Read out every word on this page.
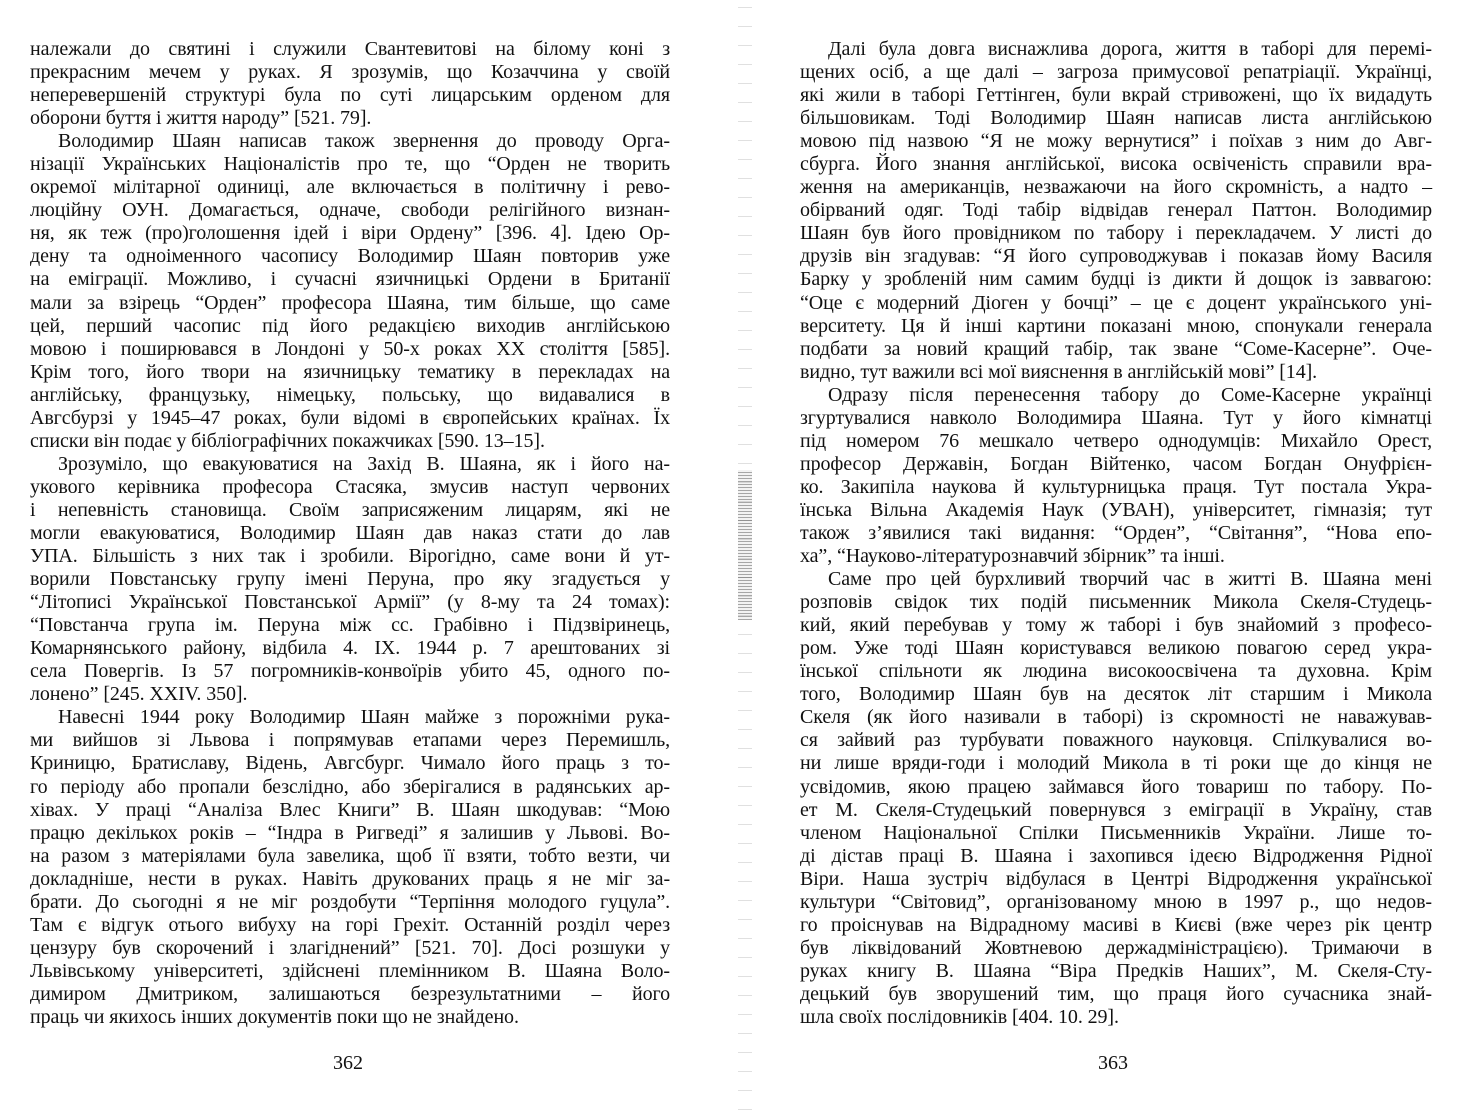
належали до святині і служили Свантевитові на білому коні з
прекрасним мечем у руках. Я зрозумів, що Козаччина у своїй
неперевершеній структурі була по суті лицарським орденом для
оборони буття і життя народу” [521. 79].
Володимир Шаян написав також звернення до проводу Орга-
нізації Українських Націоналістів про те, що “Орден не творить
окремої мілітарної одиниці, але включається в політичну і рево-
люційну ОУН. Домагається, одначе, свободи релігійного визнан-
ня, як теж (про)голошення ідей і віри Ордену” [396. 4]. Ідею Ор-
дену та одноіменного часопису Володимир Шаян повторив уже
на еміграції. Можливо, і сучасні язичницькі Ордени в Британії
мали за взірець “Орден” професора Шаяна, тим більше, що саме
цей, перший часопис під його редакцією виходив англійською
мовою і поширювався в Лондоні у 50-х роках XX століття [585].
Крім того, його твори на язичницьку тематику в перекладах на
англійську, французьку, німецьку, польську, що видавалися в
Авгсбурзі у 1945–47 роках, були відомі в європейських країнах. Їх
списки він подає у бібліографічних покажчиках [590. 13–15].
Зрозуміло, що евакуюватися на Захід В. Шаяна, як і його на-
укового керівника професора Стасяка, змусив наступ червоних
і непевність становища. Своїм заприсяженим лицарям, які не
могли евакуюватися, Володимир Шаян дав наказ стати до лав
УПА. Більшість з них так і зробили. Вірогідно, саме вони й ут-
ворили Повстанську групу імені Перуна, про яку згадується у
“Літописі Української Повстанської Армії” (у 8-му та 24 томах):
“Повстанча група ім. Перуна між сс. Грабівно і Підзвіринець,
Комарнянського району, відбила 4. IX. 1944 р. 7 арештованих зі
села Повергів. Із 57 погромників-конвоїрів убито 45, одного по-
лонено” [245. XXIV. 350].
Навесні 1944 року Володимир Шаян майже з порожніми рука-
ми вийшов зі Львова і попрямував етапами через Перемишль,
Криницю, Братиславу, Відень, Авгсбург. Чимало його праць з то-
го періоду або пропали безслідно, або зберігалися в радянських ар-
хівах. У праці “Аналіза Влес Книги” В. Шаян шкодував: “Мою
працю декількох років – “Індра в Ригведі” я залишив у Львові. Во-
на разом з матеріялами була завелика, щоб її взяти, тобто везти, чи
докладніше, нести в руках. Навіть друкованих праць я не міг за-
брати. До сьогодні я не міг роздобути “Терпіння молодого гуцула”.
Там є відгук отього вибуху на горі Грехіт. Останній розділ через
цензуру був скорочений і злагіднений” [521. 70]. Досі розшуки у
Львівському університеті, здійснені племінником В. Шаяна Воло-
димиром Дмитриком, залишаються безрезультатними – його
праць чи якихось інших документів поки що не знайдено.
Далі була довга виснажлива дорога, життя в таборі для перемі-
щених осіб, а ще далі – загроза примусової репатріації. Українці,
які жили в таборі Геттінген, були вкрай стривожені, що їх видадуть
більшовикам. Тоді Володимир Шаян написав листа англійською
мовою під назвою “Я не можу вернутися” і поїхав з ним до Авг-
сбурга. Його знання англійської, висока освіченість справили вра-
ження на американців, незважаючи на його скромність, а надто –
обірваний одяг. Тоді табір відвідав генерал Паттон. Володимир
Шаян був його провідником по табору і перекладачем. У листі до
друзів він згадував: “Я його супроводжував і показав йому Василя
Барку у зробленій ним самим будці із дикти й дощок із заввагою:
“Оце є модерний Діоген у бочці” – це є доцент українського уні-
верситету. Ця й інші картини показані мною, спонукали генерала
подбати за новий кращий табір, так зване “Соме-Касерне”. Оче-
видно, тут важили всі мої вияснення в англійській мові” [14].
Одразу після перенесення табору до Соме-Касерне українці
згуртувалися навколо Володимира Шаяна. Тут у його кімнатці
під номером 76 мешкало четверо однодумців: Михайло Орест,
професор Державін, Богдан Війтенко, часом Богдан Онуфрієн-
ко. Закипіла наукова й культурницька праця. Тут постала Укра-
їнська Вільна Академія Наук (УВАН), університет, гімназія; тут
також з’явилися такі видання: “Орден”, “Світання”, “Нова епо-
ха”, “Науково-літературознавчий збірник” та інші.
Саме про цей бурхливий творчий час в житті В. Шаяна мені
розповів свідок тих подій письменник Микола Скеля-Студець-
кий, який перебував у тому ж таборі і був знайомий з професо-
ром. Уже тоді Шаян користувався великою повагою серед укра-
їнської спільноти як людина високоосвічена та духовна. Крім
того, Володимир Шаян був на десяток літ старшим і Микола
Скеля (як його називали в таборі) із скромності не наважував-
ся зайвий раз турбувати поважного науковця. Спілкувалися во-
ни лише вряди-годи і молодий Микола в ті роки ще до кінця не
усвідомив, якою працею займався його товариш по табору. По-
ет М. Скеля-Студецький повернувся з еміграції в Україну, став
членом Національної Спілки Письменників України. Лише то-
ді дістав праці В. Шаяна і захопився ідеєю Відродження Рідної
Віри. Наша зустріч відбулася в Центрі Відродження української
культури “Світовид”, організованому мною в 1997 р., що недов-
го проіснував на Відрадному масиві в Києві (вже через рік центр
був ліквідований Жовтневою держадміністрацією). Тримаючи в
руках книгу В. Шаяна “Віра Предків Наших”, М. Скеля-Сту-
децький був зворушений тим, що праця його сучасника знай-
шла своїх послідовників [404. 10. 29].
362	363
